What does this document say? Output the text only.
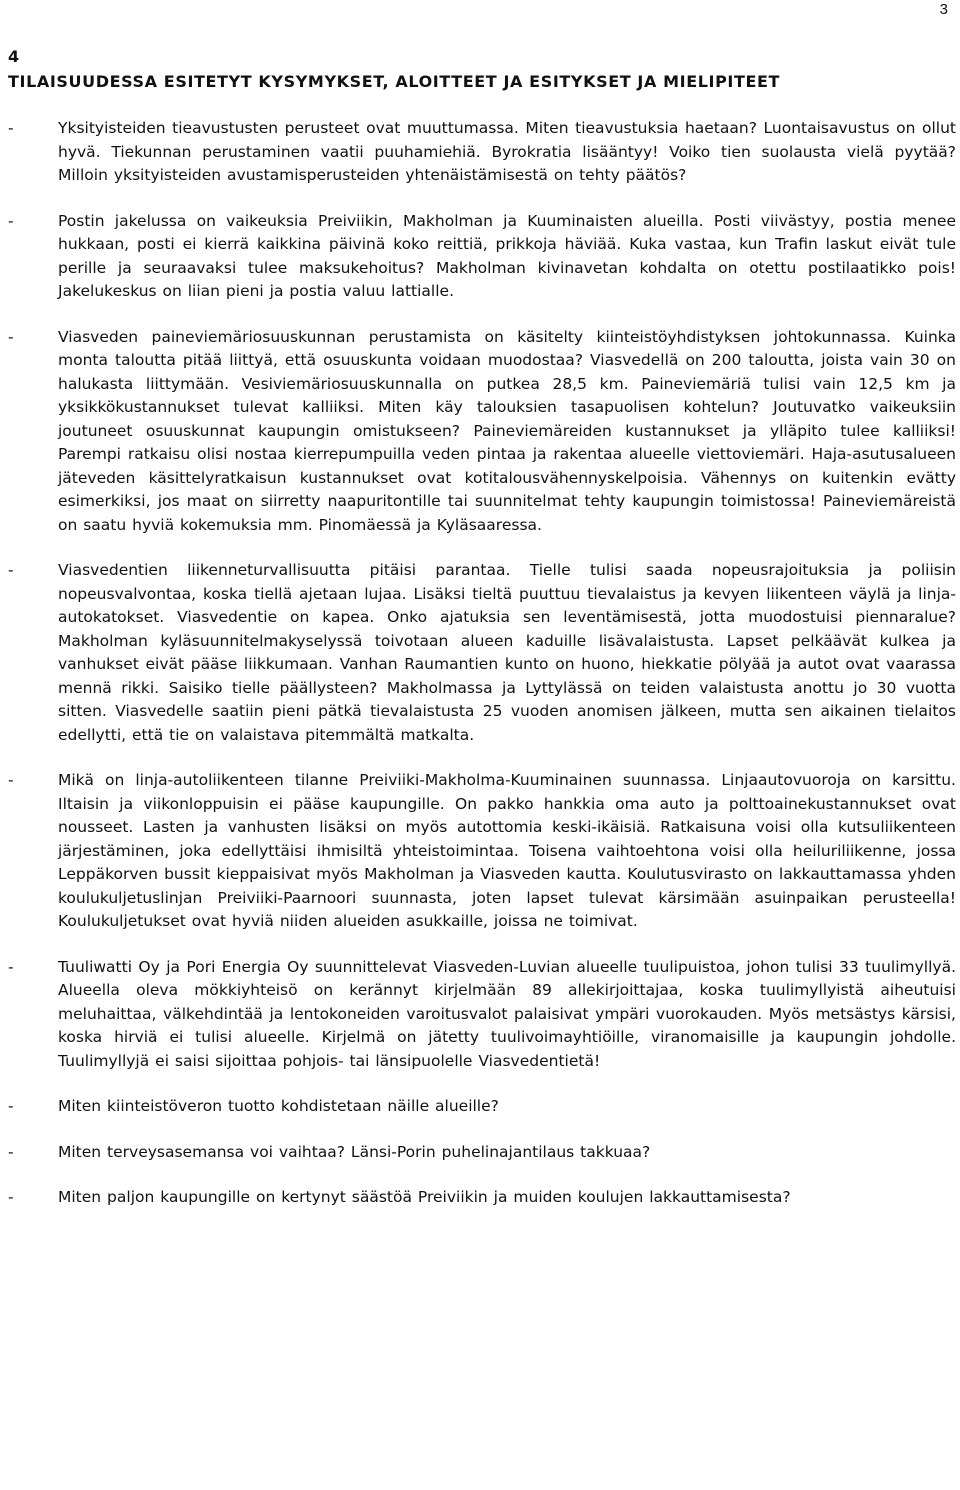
3
4
TILAISUUDESSA ESITETYT KYSYMYKSET, ALOITTEET JA ESITYKSET JA MIELIPITEET
-	Yksityisteiden tieavustusten perusteet ovat muuttumassa. Miten tieavustuksia haetaan? Luontaisavustus on ollut hyvä. Tiekunnan perustaminen vaatii puuhamiehiä. Byrokratia lisääntyy! Voiko tien suolausta vielä pyytää? Milloin yksityisteiden avustamisperusteiden yhtenäistämisestä on tehty päätös?
-	Postin jakelussa on vaikeuksia Preiviikin, Makholman ja Kuuminaisten alueilla. Posti viivästyy, postia menee hukkaan, posti ei kierrä kaikkina päivinä koko reittiä, prikkoja häviää. Kuka vastaa, kun Trafin laskut eivät tule perille ja seuraavaksi tulee maksukehoitus? Makholman kivinavetan kohdalta on otettu postilaatikko pois! Jakelukeskus on liian pieni ja postia valuu lattialle.
-	Viasveden paineviemäriosuuskunnan perustamista on käsitelty kiinteistöyhdistyksen johtokunnassa. Kuinka monta taloutta pitää liittyä, että osuuskunta voidaan muodostaa? Viasvedellä on 200 taloutta, joista vain 30 on halukasta liittymään. Vesiviemäriosuuskunnalla on putkea 28,5 km. Paineviemäriä tulisi vain 12,5 km ja yksikkökustannukset tulevat kalliiksi. Miten käy talouksien tasapuolisen kohtelun? Joutuvatko vaikeuksiin joutuneet osuuskunnat kaupungin omistukseen? Paineviemäreiden kustannukset ja ylläpito tulee kalliiksi! Parempi ratkaisu olisi nostaa kierrepumpuilla veden pintaa ja rakentaa alueelle viettoviemäri. Haja-asutusalueen jäteveden käsittelyratkaisun kustannukset ovat kotitalousvähennyskelpoisia. Vähennys on kuitenkin evätty esimerkiksi, jos maat on siirretty naapuritontille tai suunnitelmat tehty kaupungin toimistossa! Paineviemäreistä on saatu hyviä kokemuksia mm. Pinomäessä ja Kyläsaaressa.
-	Viasvedentien liikenneturvallisuutta pitäisi parantaa. Tielle tulisi saada nopeusrajoituksia ja poliisin nopeusvalvontaa, koska tiellä ajetaan lujaa. Lisäksi tieltä puuttuu tievalaistus ja kevyen liikenteen väylä ja linja-autokatokset. Viasvedentie on kapea. Onko ajatuksia sen leventämisestä, jotta muodostuisi piennaralue? Makholman kyläsuunnitelmakyselyssä toivotaan alueen kaduille lisävalaistusta. Lapset pelkäävät kulkea ja vanhukset eivät pääse liikkumaan. Vanhan Raumantien kunto on huono, hiekkatie pölyää ja autot ovat vaarassa mennä rikki. Saisiko tielle päällysteen? Makholmassa ja Lyttylässä on teiden valaistusta anottu jo 30 vuotta sitten. Viasvedelle saatiin pieni pätkä tievalaistusta 25 vuoden anomisen jälkeen, mutta sen aikainen tielaitos edellytti, että tie on valaistava pitemmältä matkalta.
-	Mikä on linja-autoliikenteen tilanne Preiviiki-Makholma-Kuuminainen suunnassa. Linjaautovuoroja on karsittu. Iltaisin ja viikonloppuisin ei pääse kaupungille. On pakko hankkia oma auto ja polttoainekustannukset ovat nousseet. Lasten ja vanhusten lisäksi on myös autottomia keski-ikäisiä. Ratkaisuna voisi olla kutsuliikenteen järjestäminen, joka edellyttäisi ihmisiltä yhteistoimintaa. Toisena vaihtoehtona voisi olla heiluriliikenne, jossa Leppäkorven bussit kieppaisivat myös Makholman ja Viasveden kautta. Koulutusvirasto on lakkauttamassa yhden koulukuljetuslinjan Preiviiki-Paarnoori suunnasta, joten lapset tulevat kärsimään asuinpaikan perusteella! Koulukuljetukset ovat hyviä niiden alueiden asukkaille, joissa ne toimivat.
-	Tuuliwatti Oy ja Pori Energia Oy suunnittelevat Viasveden-Luvian alueelle tuulipuistoa, johon tulisi 33 tuulimyllyä. Alueella oleva mökkiyhteisö on kerännyt kirjelmään 89 allekirjoittajaa, koska tuulimyllyistä aiheutuisi meluhaittaa, välkehdintää ja lentokoneiden varoitusvalot palaisivat ympäri vuorokauden. Myös metsästys kärsisi, koska hirviä ei tulisi alueelle. Kirjelmä on jätetty tuulivoimayhtiöille, viranomaisille ja kaupungin johdolle. Tuulimyllyjä ei saisi sijoittaa pohjois- tai länsipuolelle Viasvedentietä!
-	Miten kiinteistöveron tuotto kohdistetaan näille alueille?
-	Miten terveysasemansa voi vaihtaa? Länsi-Porin puhelinajantilaus takkuaa?
-	Miten paljon kaupungille on kertynyt säästöä Preiviikin ja muiden koulujen lakkauttamisesta?
